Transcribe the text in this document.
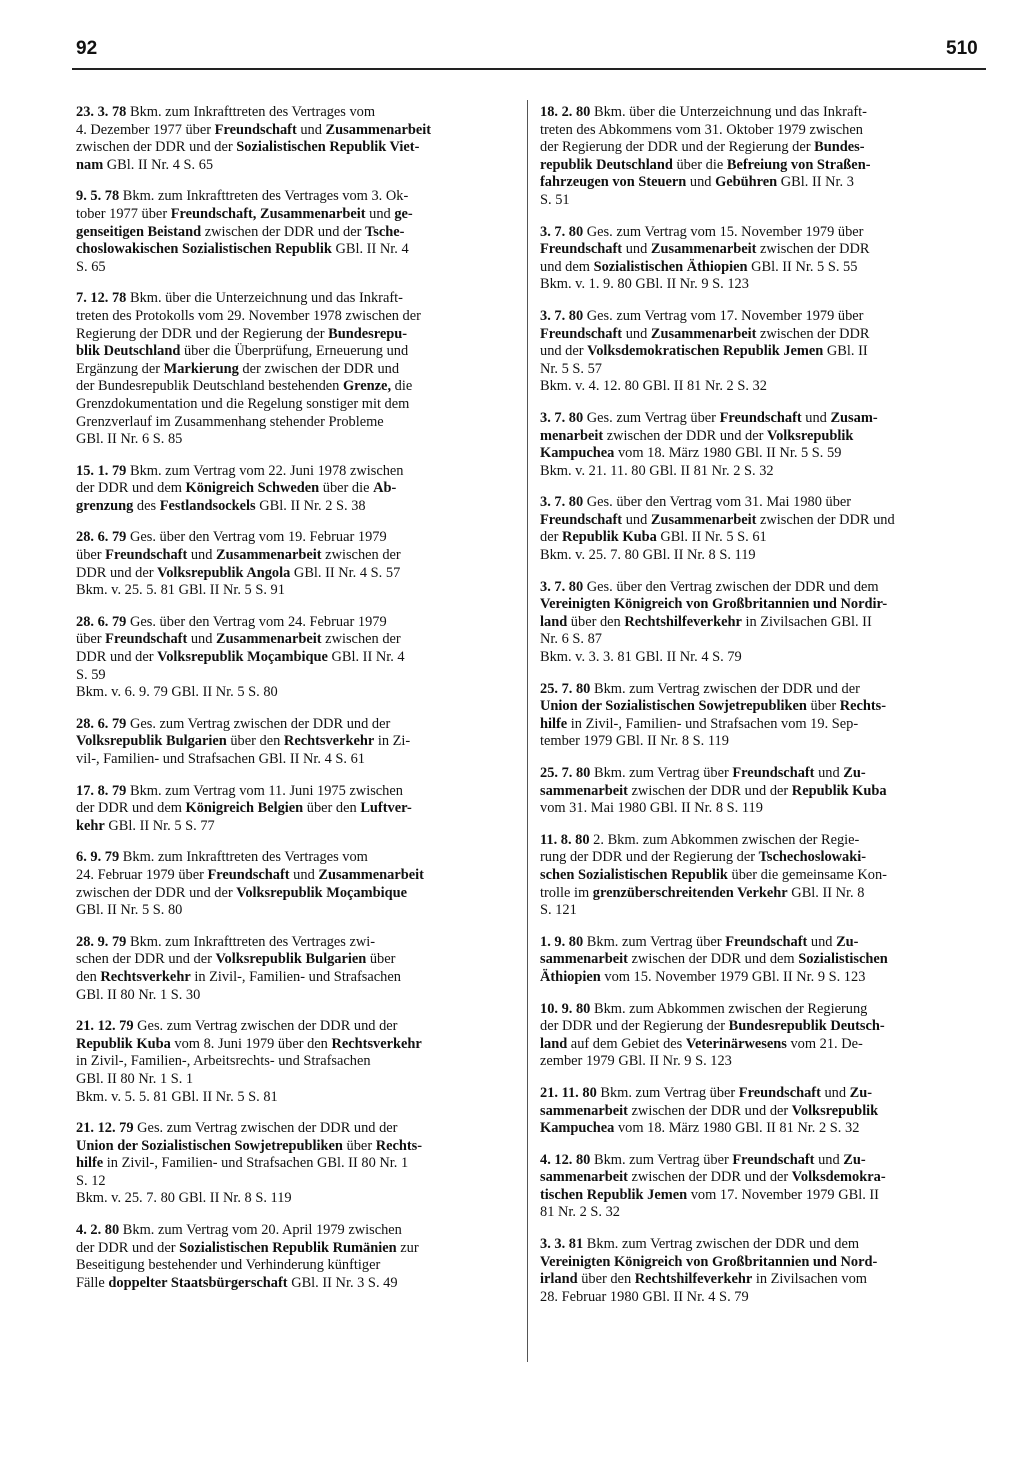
92	510
23. 3. 78 Bkm. zum Inkrafttreten des Vertrages vom
4. Dezember 1977 über Freundschaft und Zusammenarbeit
zwischen der DDR und der Sozialistischen Republik Viet-
nam GBl. II Nr. 4 S. 65
9. 5. 78 Bkm. zum Inkrafttreten des Vertrages vom 3. Ok-
tober 1977 über Freundschaft, Zusammenarbeit und ge-
genseitigen Beistand zwischen der DDR und der Tsche-
choslowakischen Sozialistischen Republik GBl. II Nr. 4
S. 65
7. 12. 78 Bkm. über die Unterzeichnung und das Inkraft-
treten des Protokolls vom 29. November 1978 zwischen der
Regierung der DDR und der Regierung der Bundesrepu-
blik Deutschland über die Überprüfung, Erneuerung und
Ergänzung der Markierung der zwischen der DDR und
der Bundesrepublik Deutschland bestehenden Grenze, die
Grenzdokumentation und die Regelung sonstiger mit dem
Grenzverlauf im Zusammenhang stehender Probleme
GBl. II Nr. 6 S. 85
15. 1. 79 Bkm. zum Vertrag vom 22. Juni 1978 zwischen
der DDR und dem Königreich Schweden über die Ab-
grenzung des Festlandsockels GBl. II Nr. 2 S. 38
28. 6. 79 Ges. über den Vertrag vom 19. Februar 1979
über Freundschaft und Zusammenarbeit zwischen der
DDR und der Volksrepublik Angola GBl. II Nr. 4 S. 57
Bkm. v. 25. 5. 81 GBl. II Nr. 5 S. 91
28. 6. 79 Ges. über den Vertrag vom 24. Februar 1979
über Freundschaft und Zusammenarbeit zwischen der
DDR und der Volksrepublik Moçambique GBl. II Nr. 4
S. 59
Bkm. v. 6. 9. 79 GBl. II Nr. 5 S. 80
28. 6. 79 Ges. zum Vertrag zwischen der DDR und der
Volksrepublik Bulgarien über den Rechtsverkehr in Zi-
vil-, Familien- und Strafsachen GBl. II Nr. 4 S. 61
17. 8. 79 Bkm. zum Vertrag vom 11. Juni 1975 zwischen
der DDR und dem Königreich Belgien über den Luftver-
kehr GBl. II Nr. 5 S. 77
6. 9. 79 Bkm. zum Inkrafttreten des Vertrages vom
24. Februar 1979 über Freundschaft und Zusammenarbeit
zwischen der DDR und der Volksrepublik Moçambique
GBl. II Nr. 5 S. 80
28. 9. 79 Bkm. zum Inkrafttreten des Vertrages zwi-
schen der DDR und der Volksrepublik Bulgarien über
den Rechtsverkehr in Zivil-, Familien- und Strafsachen
GBl. II 80 Nr. 1 S. 30
21. 12. 79 Ges. zum Vertrag zwischen der DDR und der
Republik Kuba vom 8. Juni 1979 über den Rechtsverkehr
in Zivil-, Familien-, Arbeitsrechts- und Strafsachen
GBl. II 80 Nr. 1 S. 1
Bkm. v. 5. 5. 81 GBl. II Nr. 5 S. 81
21. 12. 79 Ges. zum Vertrag zwischen der DDR und der
Union der Sozialistischen Sowjetrepubliken über Rechts-
hilfe in Zivil-, Familien- und Strafsachen GBl. II 80 Nr. 1
S. 12
Bkm. v. 25. 7. 80 GBl. II Nr. 8 S. 119
4. 2. 80 Bkm. zum Vertrag vom 20. April 1979 zwischen
der DDR und der Sozialistischen Republik Rumänien zur
Beseitigung bestehender und Verhinderung künftiger
Fälle doppelter Staatsbürgerschaft GBl. II Nr. 3 S. 49
18. 2. 80 Bkm. über die Unterzeichnung und das Inkraft-
treten des Abkommens vom 31. Oktober 1979 zwischen
der Regierung der DDR und der Regierung der Bundes-
republik Deutschland über die Befreiung von Straßen-
fahrzeugen von Steuern und Gebühren GBl. II Nr. 3
S. 51
3. 7. 80 Ges. zum Vertrag vom 15. November 1979 über
Freundschaft und Zusammenarbeit zwischen der DDR
und dem Sozialistischen Äthiopien GBl. II Nr. 5 S. 55
Bkm. v. 1. 9. 80 GBl. II Nr. 9 S. 123
3. 7. 80 Ges. zum Vertrag vom 17. November 1979 über
Freundschaft und Zusammenarbeit zwischen der DDR
und der Volksdemokratischen Republik Jemen GBl. II
Nr. 5 S. 57
Bkm. v. 4. 12. 80 GBl. II 81 Nr. 2 S. 32
3. 7. 80 Ges. zum Vertrag über Freundschaft und Zusam-
menarbeit zwischen der DDR und der Volksrepublik
Kampuchea vom 18. März 1980 GBl. II Nr. 5 S. 59
Bkm. v. 21. 11. 80 GBl. II 81 Nr. 2 S. 32
3. 7. 80 Ges. über den Vertrag vom 31. Mai 1980 über
Freundschaft und Zusammenarbeit zwischen der DDR und
der Republik Kuba GBl. II Nr. 5 S. 61
Bkm. v. 25. 7. 80 GBl. II Nr. 8 S. 119
3. 7. 80 Ges. über den Vertrag zwischen der DDR und dem
Vereinigten Königreich von Großbritannien und Nordir-
land über den Rechtshilfeverkehr in Zivilsachen GBl. II
Nr. 6 S. 87
Bkm. v. 3. 3. 81 GBl. II Nr. 4 S. 79
25. 7. 80 Bkm. zum Vertrag zwischen der DDR und der
Union der Sozialistischen Sowjetrepubliken über Rechts-
hilfe in Zivil-, Familien- und Strafsachen vom 19. Sep-
tember 1979 GBl. II Nr. 8 S. 119
25. 7. 80 Bkm. zum Vertrag über Freundschaft und Zu-
sammenarbeit zwischen der DDR und der Republik Kuba
vom 31. Mai 1980 GBl. II Nr. 8 S. 119
11. 8. 80 2. Bkm. zum Abkommen zwischen der Regie-
rung der DDR und der Regierung der Tschechoslowaki-
schen Sozialistischen Republik über die gemeinsame Kon-
trolle im grenzüberschreitenden Verkehr GBl. II Nr. 8
S. 121
1. 9. 80 Bkm. zum Vertrag über Freundschaft und Zu-
sammenarbeit zwischen der DDR und dem Sozialistischen
Äthiopien vom 15. November 1979 GBl. II Nr. 9 S. 123
10. 9. 80 Bkm. zum Abkommen zwischen der Regierung
der DDR und der Regierung der Bundesrepublik Deutsch-
land auf dem Gebiet des Veterinärwesens vom 21. De-
zember 1979 GBl. II Nr. 9 S. 123
21. 11. 80 Bkm. zum Vertrag über Freundschaft und Zu-
sammenarbeit zwischen der DDR und der Volksrepublik
Kampuchea vom 18. März 1980 GBl. II 81 Nr. 2 S. 32
4. 12. 80 Bkm. zum Vertrag über Freundschaft und Zu-
sammenarbeit zwischen der DDR und der Volksdemokra-
tischen Republik Jemen vom 17. November 1979 GBl. II
81 Nr. 2 S. 32
3. 3. 81 Bkm. zum Vertrag zwischen der DDR und dem
Vereinigten Königreich von Großbritannien und Nord-
irland über den Rechtshilfeverkehr in Zivilsachen vom
28. Februar 1980 GBl. II Nr. 4 S. 79
